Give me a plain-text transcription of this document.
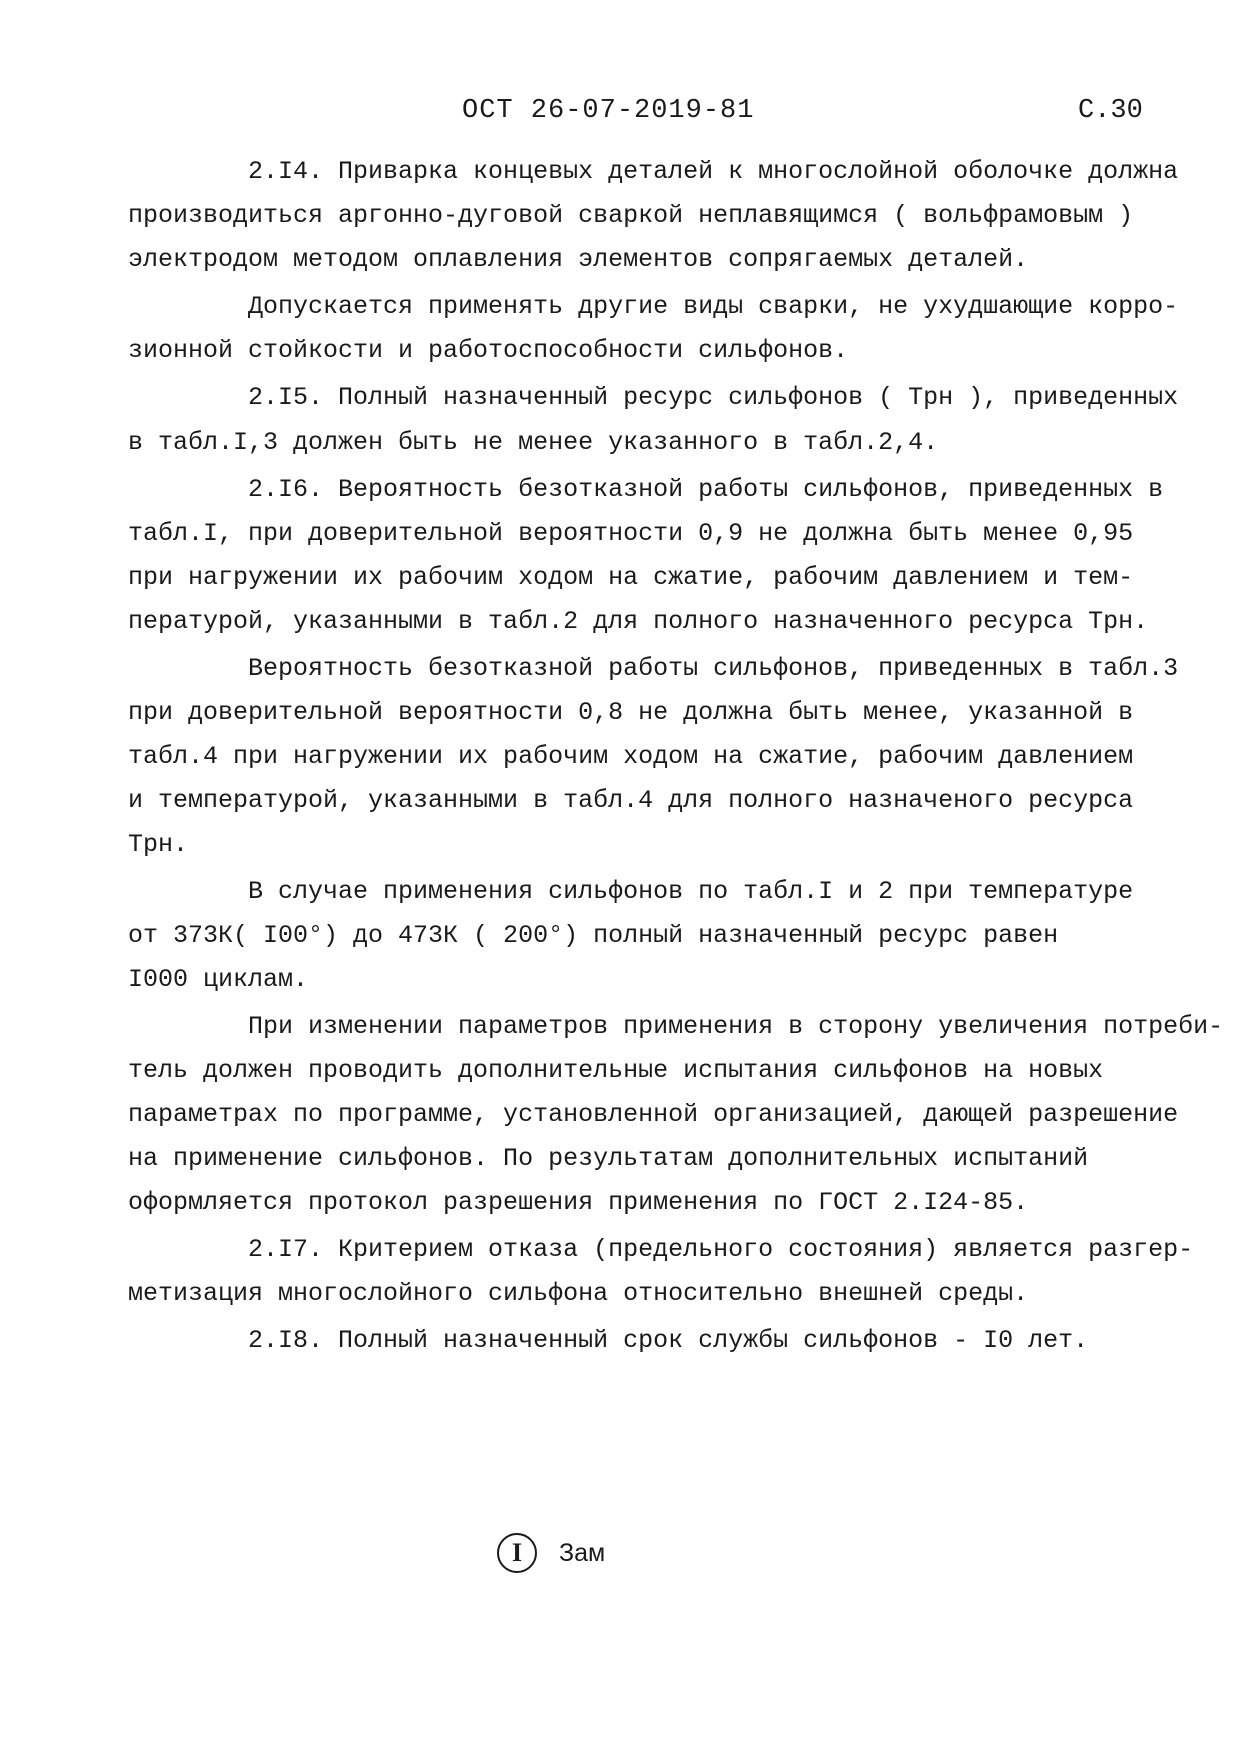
ОСТ 26-07-2019-81	С.30
2.I4. Приварка концевых деталей к многослойной оболочке должна
производиться аргонно-дуговой сваркой неплавящимся ( вольфрамовым )
электродом методом оплавления элементов сопрягаемых деталей.
Допускается применять другие виды сварки, не ухудшающие корро-
зионной стойкости и работоспособности сильфонов.
2.I5. Полный назначенный ресурс сильфонов ( Трн ), приведенных
в табл.I,3 должен быть не менее указанного в табл.2,4.
2.I6. Вероятность безотказной работы сильфонов, приведенных в
табл.I, при доверительной вероятности 0,9 не должна быть менее 0,95
при нагружении их рабочим ходом на сжатие, рабочим давлением и тем-
пературой, указанными в табл.2 для полного назначенного ресурса Трн.
Вероятность безотказной работы сильфонов, приведенных в табл.3
при доверительной вероятности 0,8 не должна быть менее, указанной в
табл.4 при нагружении их рабочим ходом на сжатие, рабочим давлением
и температурой, указанными в табл.4 для полного назначеного ресурса
Трн.
В случае применения сильфонов по табл.I и 2 при температуре
от 373К( I00°) до 473К ( 200°) полный назначенный ресурс равен
I000 циклам.
При изменении параметров применения в сторону увеличения потреби-
тель должен проводить дополнительные испытания сильфонов на новых
параметрах по программе, установленной организацией, дающей разрешение
на применение сильфонов. По результатам дополнительных испытаний
оформляется протокол разрешения применения по ГОСТ 2.I24-85.
2.I7. Критерием отказа (предельного состояния) является разгер-
метизация многослойного сильфона относительно внешней среды.
2.I8. Полный назначенный срок службы сильфонов - I0 лет.
I	Зам
